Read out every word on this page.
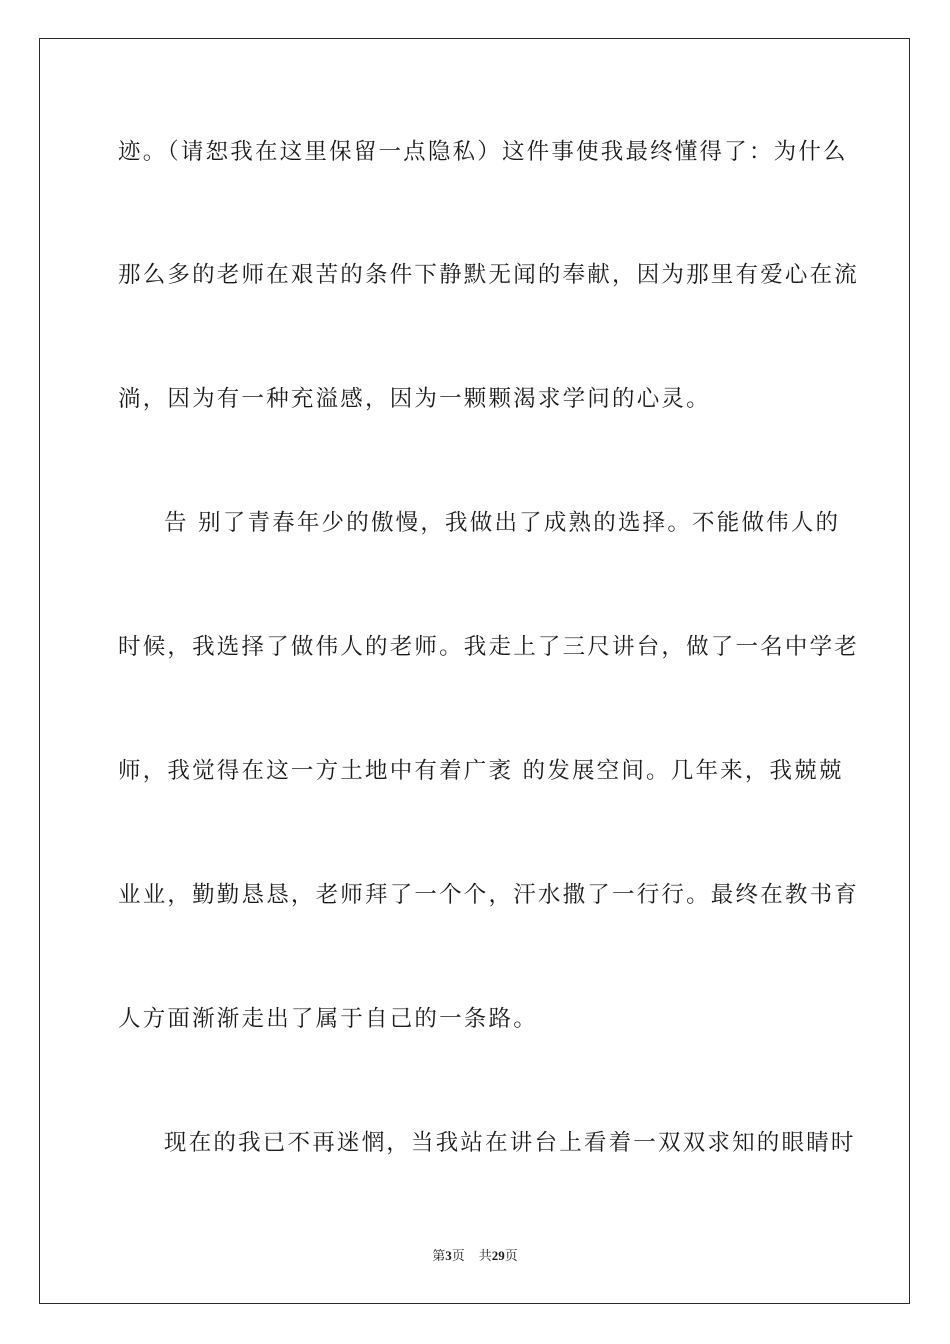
迹。（请恕我在这里保留一点隐私）这件事使我最终懂得了：为什么
那么多的老师在艰苦的条件下静默无闻的奉献，因为那里有爱心在流
淌，因为有一种充溢感，因为一颗颗渴求学问的心灵。
告 别了青春年少的傲慢，我做出了成熟的选择。不能做伟人的
时候，我选择了做伟人的老师。我走上了三尺讲台，做了一名中学老
师，我觉得在这一方土地中有着广袤 的发展空间。几年来，我兢兢
业业，勤勤恳恳，老师拜了一个个，汗水撒了一行行。最终在教书育
人方面渐渐走出了属于自己的一条路。
现在的我已不再迷惘，当我站在讲台上看着一双双求知的眼睛时
第3页 共29页
